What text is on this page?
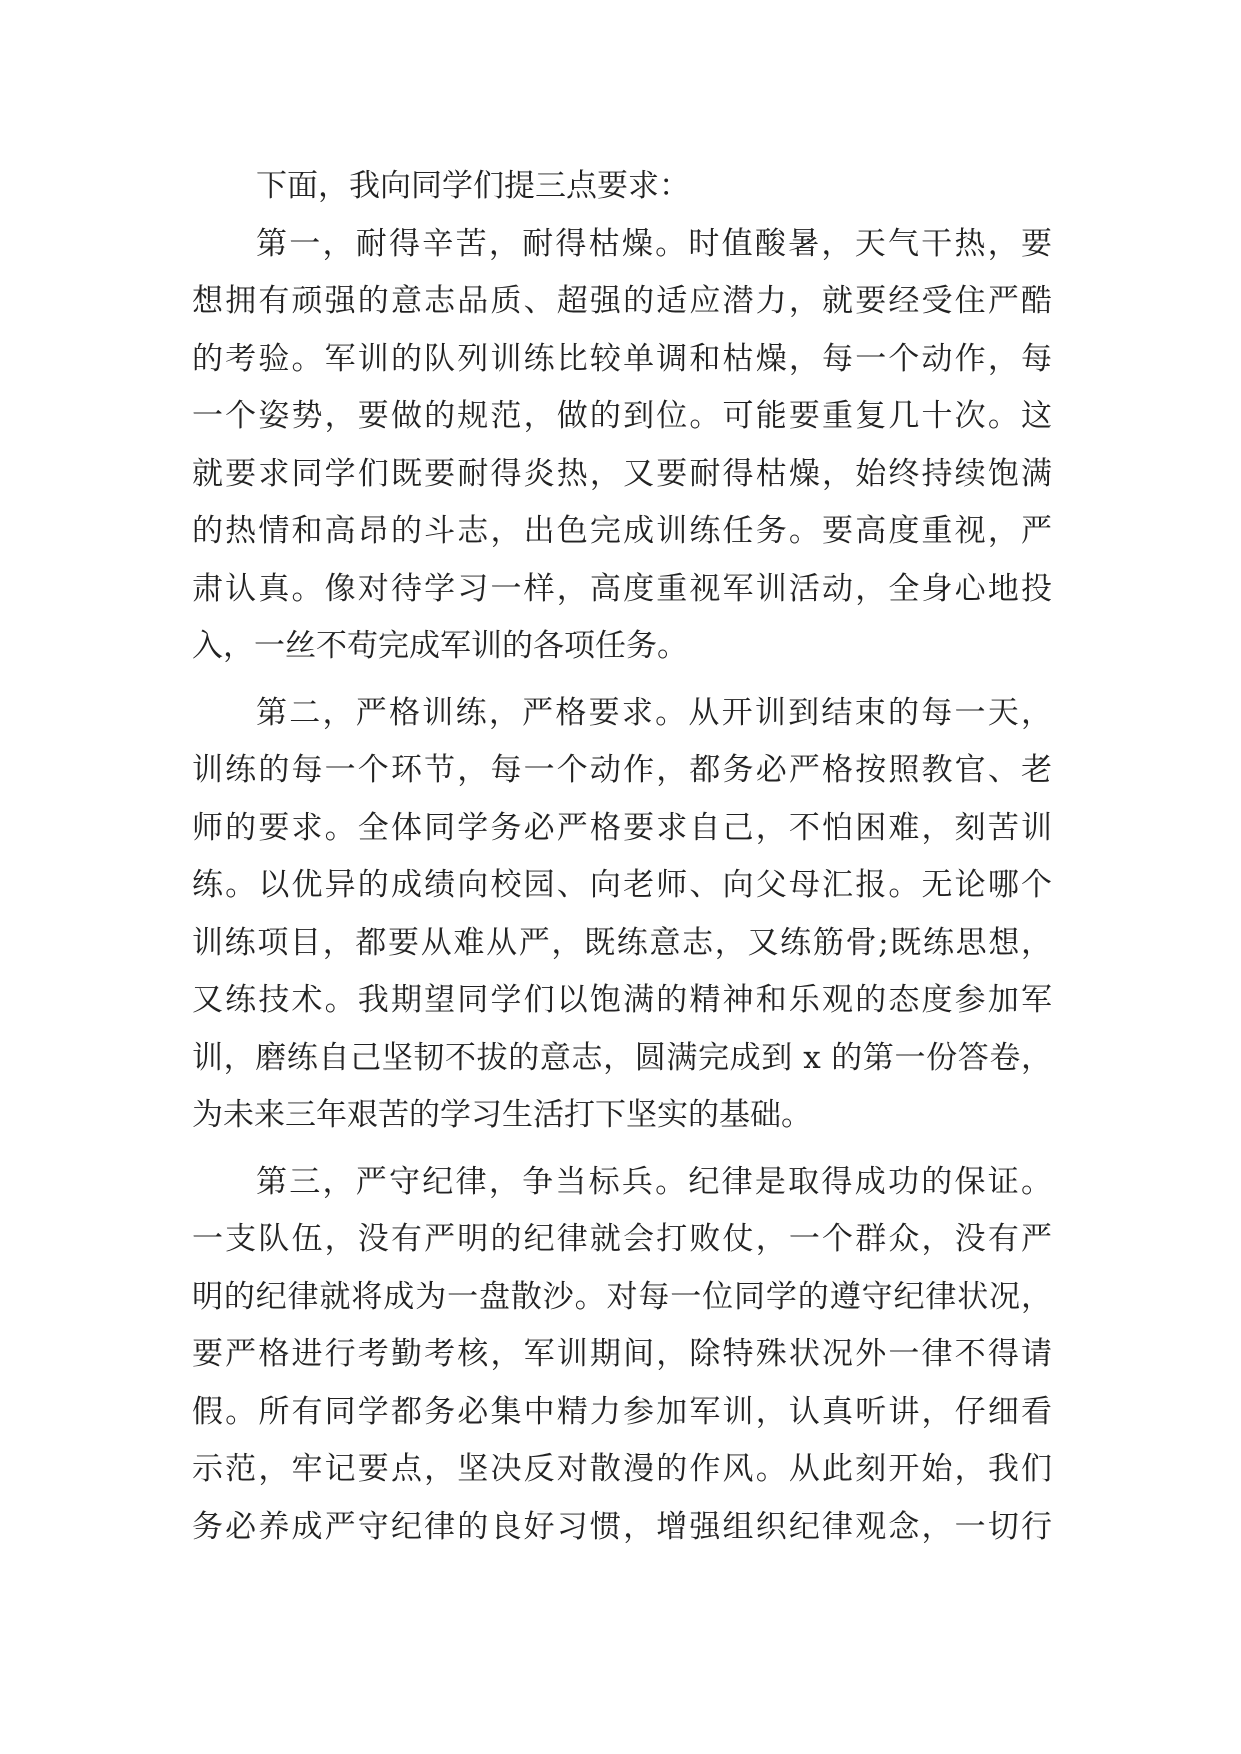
下面，我向同学们提三点要求：

第一，耐得辛苦，耐得枯燥。时值酸暑，天气干热，要
想拥有顽强的意志品质、超强的适应潜力，就要经受住严酷
的考验。军训的队列训练比较单调和枯燥，每一个动作，每
一个姿势，要做的规范，做的到位。可能要重复几十次。这
就要求同学们既要耐得炎热，又要耐得枯燥，始终持续饱满
的热情和高昂的斗志，出色完成训练任务。要高度重视，严
肃认真。像对待学习一样，高度重视军训活动，全身心地投
入，一丝不苟完成军训的各项任务。

第二，严格训练，严格要求。从开训到结束的每一天，
训练的每一个环节，每一个动作，都务必严格按照教官、老
师的要求。全体同学务必严格要求自己，不怕困难，刻苦训
练。以优异的成绩向校园、向老师、向父母汇报。无论哪个
训练项目，都要从难从严，既练意志，又练筋骨;既练思想，
又练技术。我期望同学们以饱满的精神和乐观的态度参加军
训，磨练自己坚韧不拔的意志，圆满完成到 x 的第一份答卷，
为未来三年艰苦的学习生活打下坚实的基础。

第三，严守纪律，争当标兵。纪律是取得成功的保证。
一支队伍，没有严明的纪律就会打败仗，一个群众，没有严
明的纪律就将成为一盘散沙。对每一位同学的遵守纪律状况，
要严格进行考勤考核，军训期间，除特殊状况外一律不得请
假。所有同学都务必集中精力参加军训，认真听讲，仔细看
示范，牢记要点，坚决反对散漫的作风。从此刻开始，我们
务必养成严守纪律的良好习惯，增强组织纪律观念，一切行
